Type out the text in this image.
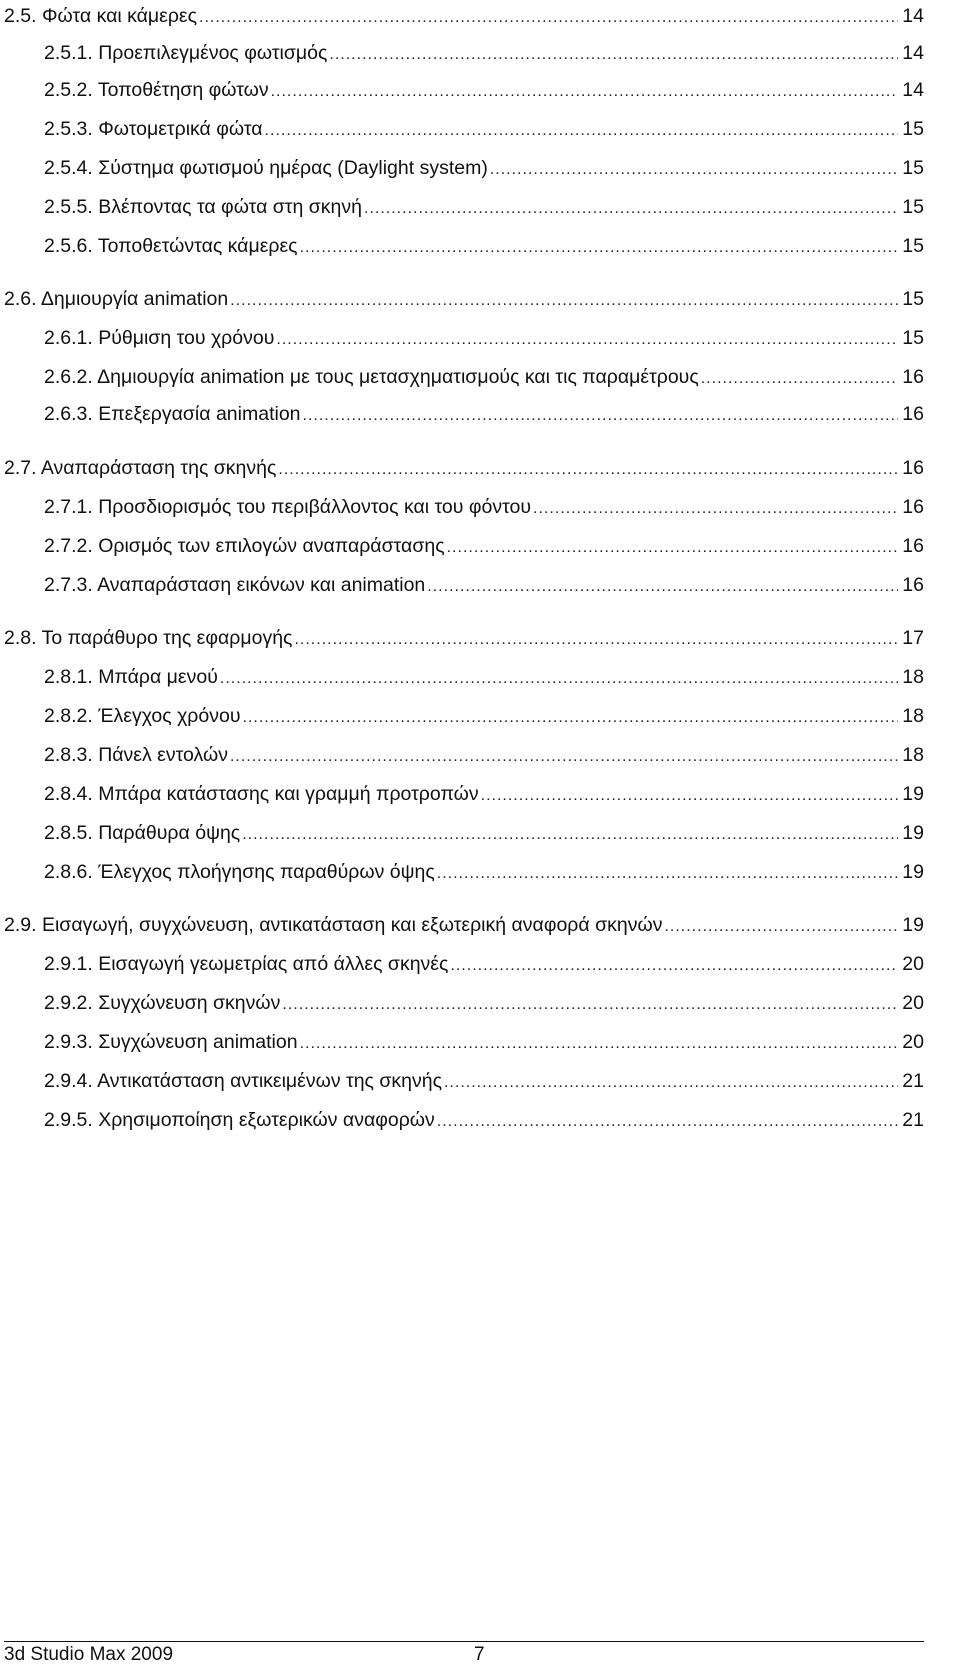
2.5. Φώτα και κάμερες .....	14
2.5.1. Προεπιλεγμένος φωτισμός .....	14
2.5.2. Τοποθέτηση φώτων .....	14
2.5.3. Φωτομετρικά φώτα .....	15
2.5.4. Σύστημα φωτισμού ημέρας (Daylight system) .....	15
2.5.5. Βλέποντας τα φώτα στη σκηνή .....	15
2.5.6. Τοποθετώντας κάμερες .....	15
2.6. Δημιουργία animation .....	15
2.6.1. Ρύθμιση του χρόνου .....	15
2.6.2. Δημιουργία animation με τους μετασχηματισμούς και τις παραμέτρους .....	16
2.6.3. Επεξεργασία animation .....	16
2.7. Αναπαράσταση της σκηνής .....	16
2.7.1. Προσδιορισμός του περιβάλλοντος και του φόντου .....	16
2.7.2. Ορισμός των επιλογών αναπαράστασης .....	16
2.7.3. Αναπαράσταση εικόνων και animation .....	16
2.8. Το παράθυρο της εφαρμογής .....	17
2.8.1. Μπάρα μενού .....	18
2.8.2. Έλεγχος χρόνου .....	18
2.8.3. Πάνελ εντολών .....	18
2.8.4. Μπάρα κατάστασης και γραμμή προτροπών .....	19
2.8.5. Παράθυρα όψης .....	19
2.8.6. Έλεγχος πλοήγησης παραθύρων όψης .....	19
2.9. Εισαγωγή, συγχώνευση, αντικατάσταση και εξωτερική αναφορά σκηνών .....	19
2.9.1. Εισαγωγή γεωμετρίας από άλλες σκηνές .....	20
2.9.2. Συγχώνευση σκηνών .....	20
2.9.3. Συγχώνευση animation .....	20
2.9.4. Αντικατάσταση αντικειμένων της σκηνής .....	21
2.9.5. Χρησιμοποίηση εξωτερικών αναφορών .....	21
3d Studio Max 2009	7
